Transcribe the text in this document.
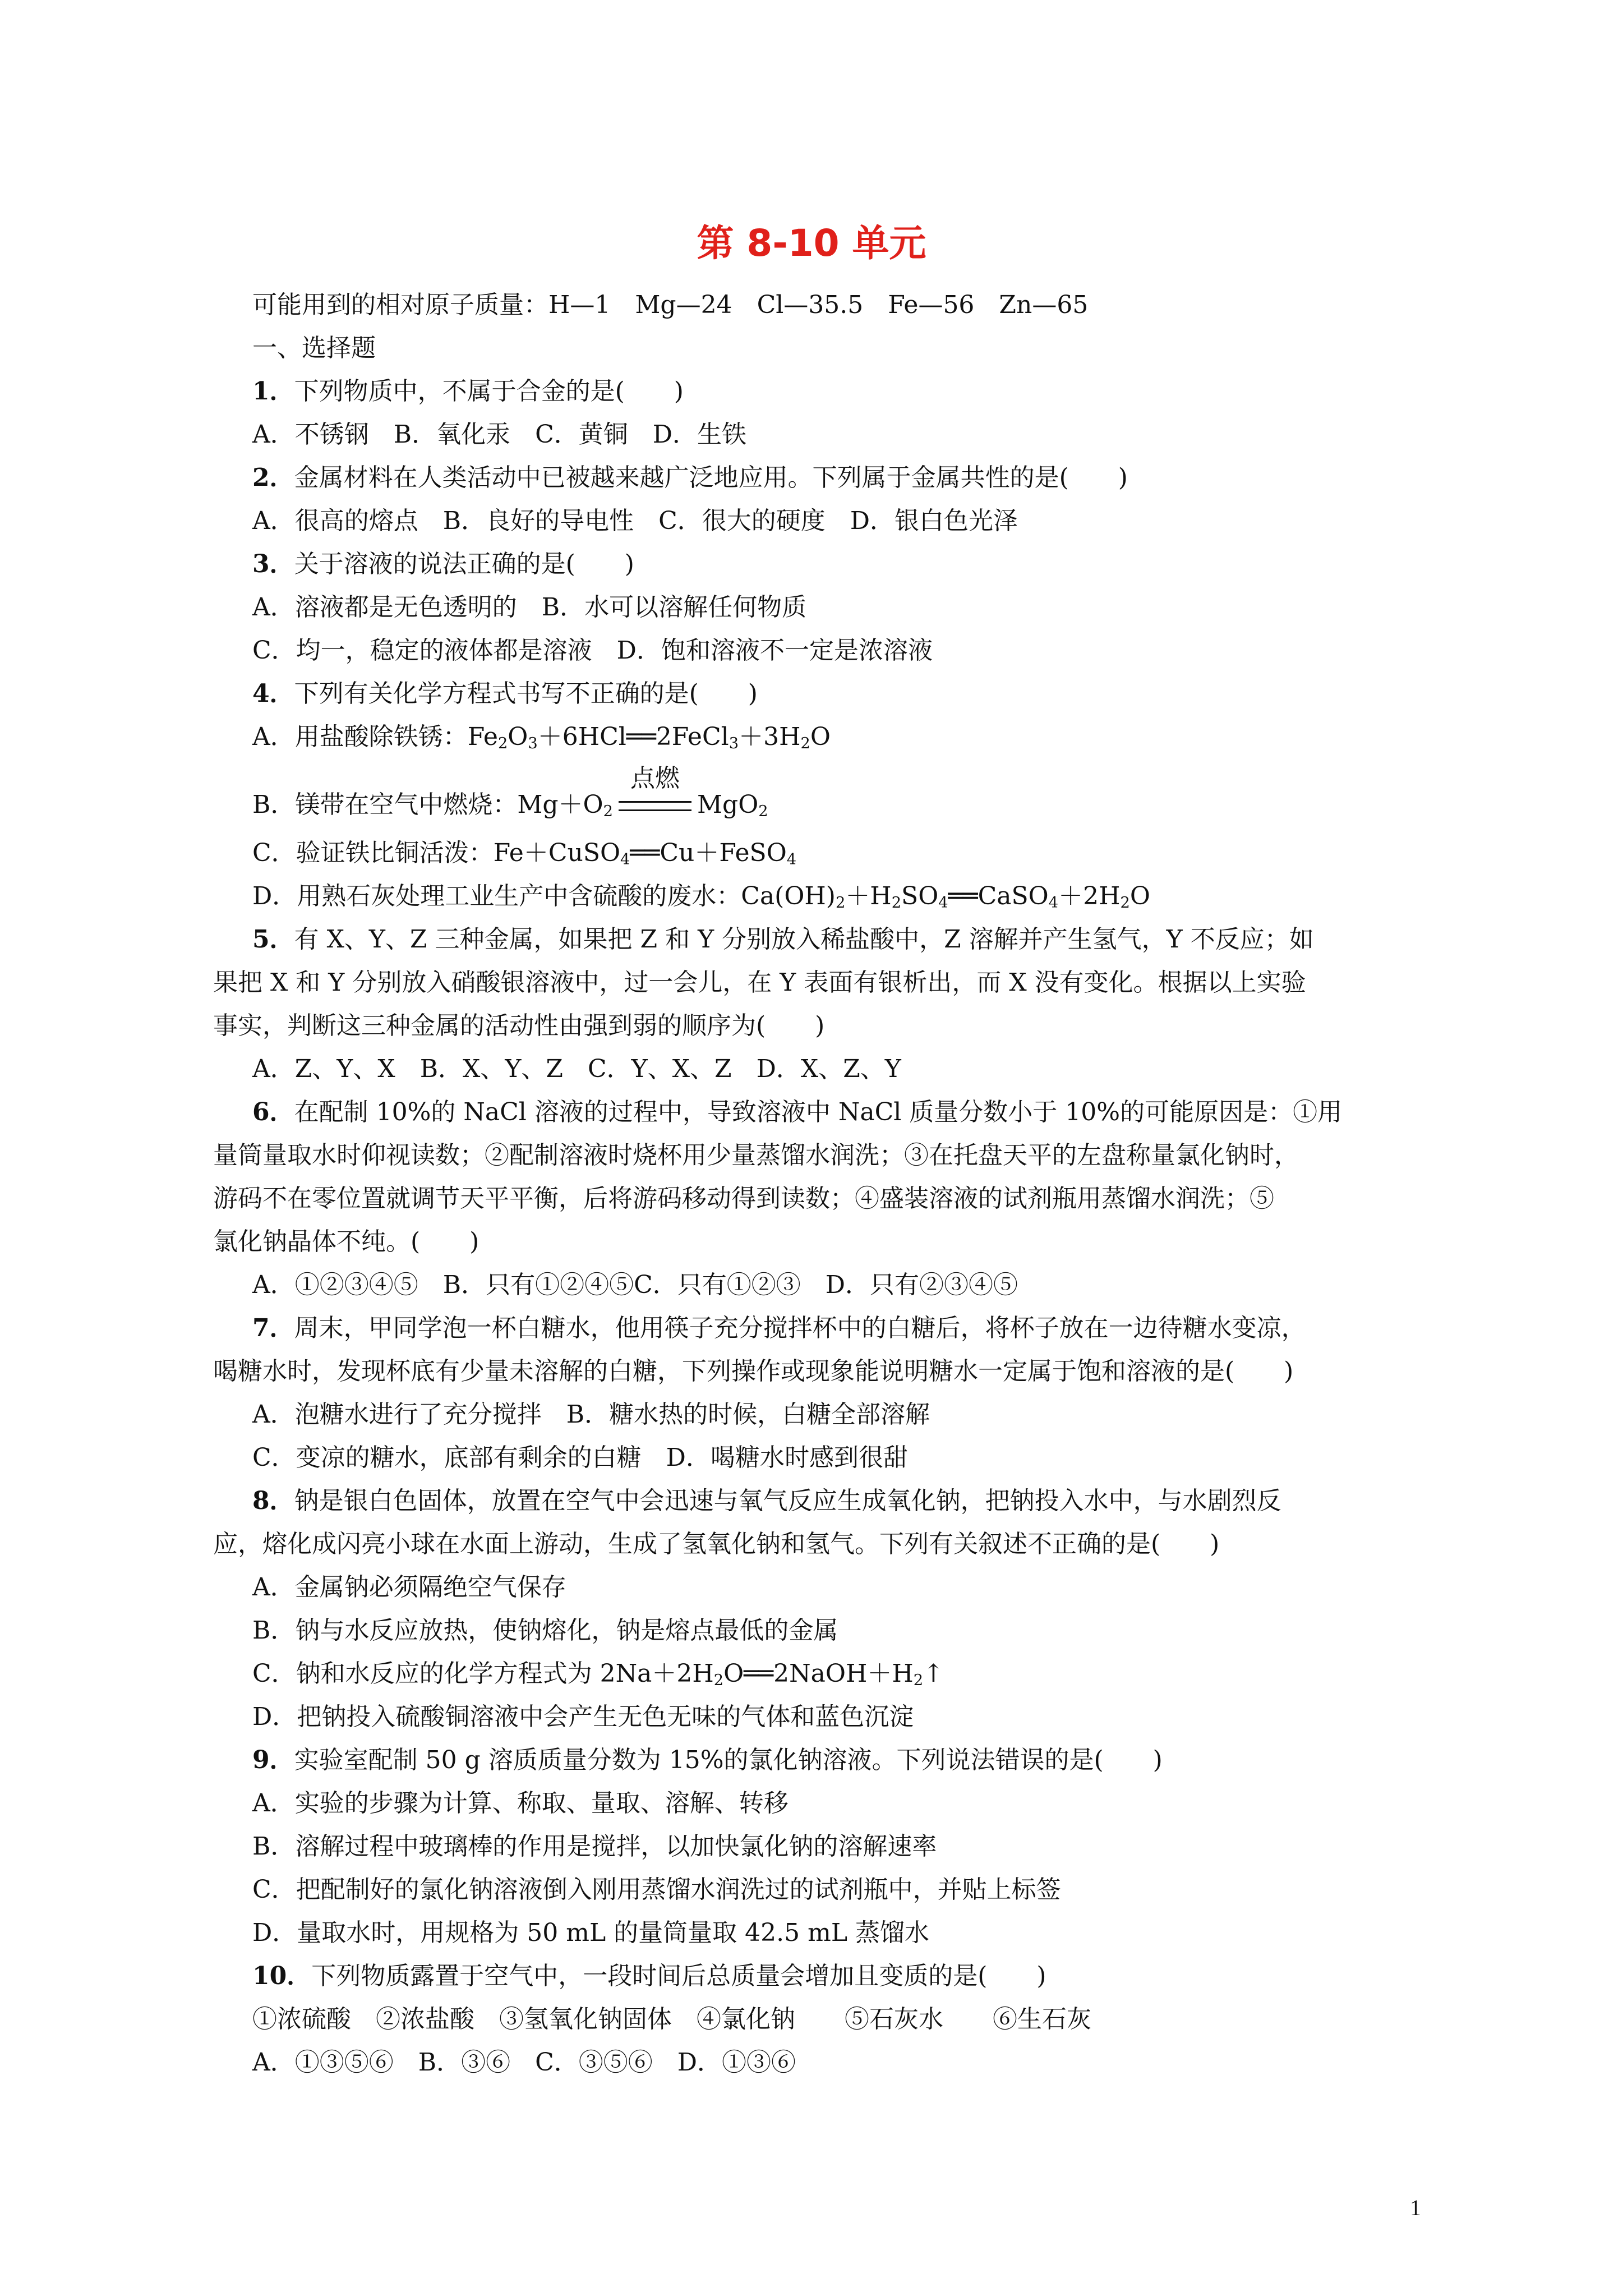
第 8-10 单元
可能用到的相对原子质量：H—1　Mg—24　Cl—35.5　Fe—56　Zn—65
一、选择题
1．下列物质中，不属于合金的是(　　)
A．不锈钢　B．氧化汞　C．黄铜　D．生铁
2．金属材料在人类活动中已被越来越广泛地应用。下列属于金属共性的是(　　)
A．很高的熔点　B．良好的导电性　C．很大的硬度　D．银白色光泽
3．关于溶液的说法正确的是(　　)
A．溶液都是无色透明的　B．水可以溶解任何物质
C．均一，稳定的液体都是溶液　D．饱和溶液不一定是浓溶液
4．下列有关化学方程式书写不正确的是(　　)
A．用盐酸除铁锈：$Fe_2O_3+6HCl══2FeCl_3+3H_2O$
B．镁带在空气中燃烧：$Mg+O_2$
点燃
MgO$_2$
C．验证铁比铜活泼：Fe＋CuSO$_4$══Cu＋FeSO$_4$
D．用熟石灰处理工业生产中含硫酸的废水：$Ca(OH)_2+H_2SO_4══CaSO_4+2H_2O$
5．有 X、Y、Z 三种金属，如果把 Z 和 Y 分别放入稀盐酸中，Z 溶解并产生氢气，Y 不反应；如
果把 X 和 Y 分别放入硝酸银溶液中，过一会儿，在 Y 表面有银析出，而 X 没有变化。根据以上实验
事实，判断这三种金属的活动性由强到弱的顺序为(　　)
A．Z、Y、X　B．X、Y、Z　C．Y、X、Z　D．X、Z、Y
6．在配制 10%的 NaCl 溶液的过程中，导致溶液中 NaCl 质量分数小于 10%的可能原因是：①用
量筒量取水时仰视读数；②配制溶液时烧杯用少量蒸馏水润洗；③在托盘天平的左盘称量氯化钠时，
游码不在零位置就调节天平平衡，后将游码移动得到读数；④盛装溶液的试剂瓶用蒸馏水润洗；⑤
氯化钠晶体不纯。(　　)
A．①②③④⑤　B．只有①②④⑤C．只有①②③　D．只有②③④⑤
7．周末，甲同学泡一杯白糖水，他用筷子充分搅拌杯中的白糖后，将杯子放在一边待糖水变凉，
喝糖水时，发现杯底有少量未溶解的白糖，下列操作或现象能说明糖水一定属于饱和溶液的是(　　)
A．泡糖水进行了充分搅拌　B．糖水热的时候，白糖全部溶解
C．变凉的糖水，底部有剩余的白糖　D．喝糖水时感到很甜
8．钠是银白色固体，放置在空气中会迅速与氧气反应生成氧化钠，把钠投入水中，与水剧烈反
应，熔化成闪亮小球在水面上游动，生成了氢氧化钠和氢气。下列有关叙述不正确的是(　　)
A．金属钠必须隔绝空气保存
B．钠与水反应放热，使钠熔化，钠是熔点最低的金属
C．钠和水反应的化学方程式为 $2Na+2H_2O══2NaOH+H_2↑$
D．把钠投入硫酸铜溶液中会产生无色无味的气体和蓝色沉淀
9．实验室配制 50 g 溶质质量分数为 15%的氯化钠溶液。下列说法错误的是(　　)
A．实验的步骤为计算、称取、量取、溶解、转移
B．溶解过程中玻璃棒的作用是搅拌，以加快氯化钠的溶解速率
C．把配制好的氯化钠溶液倒入刚用蒸馏水润洗过的试剂瓶中，并贴上标签
D．量取水时，用规格为 50 mL 的量筒量取 42.5 mL 蒸馏水
10．下列物质露置于空气中，一段时间后总质量会增加且变质的是(　　)
①浓硫酸　②浓盐酸　③氢氧化钠固体　④氯化钠　　⑤石灰水　　⑥生石灰
A．①③⑤⑥　B．③⑥　C．③⑤⑥　D．①③⑥
1
